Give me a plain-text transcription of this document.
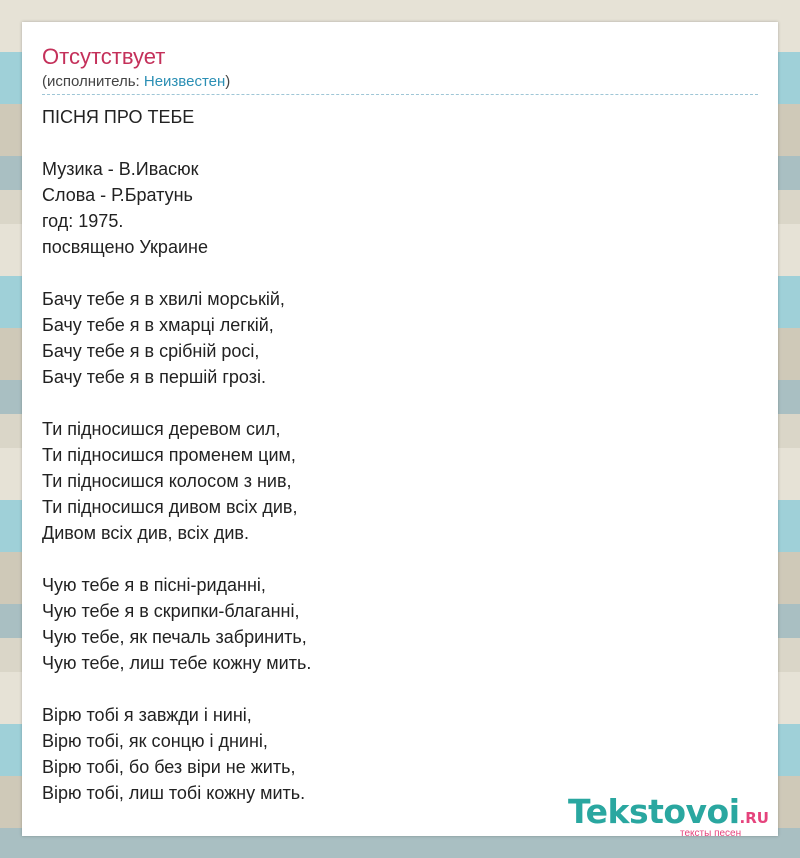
Отсутствует
(исполнитель: Неизвестен)
ПІСНЯ ПРО ТЕБЕ
Музика - В.Ивасюк
Слова - Р.Братунь
год: 1975.
посвящено Украине
Бачу тебе я в хвилі морській,
Бачу тебе я в хмарці легкій,
Бачу тебе я в срібній росі,
Бачу тебе я в першій грозі.
Ти підносишся деревом сил,
Ти підносишся променем цим,
Ти підносишся колосом з нив,
Ти підносишся дивом всіх див,
Дивом всіх див, всіх див.
Чую тебе я в пісні-риданні,
Чую тебе я в скрипки-благанні,
Чую тебе, як печаль забринить,
Чую тебе, лиш тебе кожну мить.
Вірю тобі я завжди і нині,
Вірю тобі, як сонцю і днині,
Вірю тобі, бо без віри не жить,
Вірю тобі, лиш тобі кожну мить.	Tekstovoi.RU
тексты песен
